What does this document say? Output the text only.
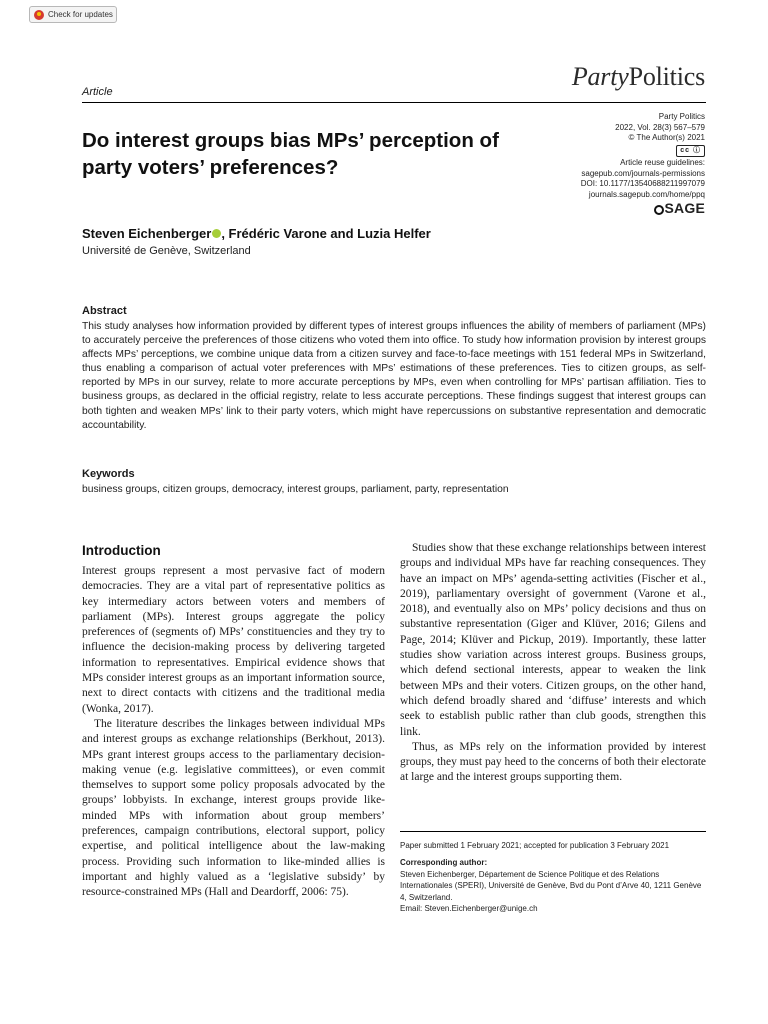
Check for updates
Article
PartyPolitics
Do interest groups bias MPs’ perception of party voters’ preferences?
Party Politics
2022, Vol. 28(3) 567–579
© The Author(s) 2021
cc ⓘ
Article reuse guidelines:
sagepub.com/journals-permissions
DOI: 10.1177/13540688211997079
journals.sagepub.com/home/ppq
SAGE
Steven Eichenberger , Frédéric Varone and Luzia Helfer
Université de Genève, Switzerland
Abstract
This study analyses how information provided by different types of interest groups influences the ability of members of parliament (MPs) to accurately perceive the preferences of those citizens who voted them into office. To study how information provision by interest groups affects MPs’ perceptions, we combine unique data from a citizen survey and face-to-face meetings with 151 federal MPs in Switzerland, thus enabling a comparison of actual voter preferences with MPs’ estimations of these preferences. Ties to citizen groups, as self-reported by MPs in our survey, relate to more accurate perceptions by MPs, even when controlling for MPs’ partisan affiliation. Ties to business groups, as declared in the official registry, relate to less accurate perceptions. These findings suggest that interest groups can both tighten and weaken MPs’ link to their party voters, which might have repercussions on substantive representation and democratic accountability.
Keywords
business groups, citizen groups, democracy, interest groups, parliament, party, representation
Introduction

Interest groups represent a most pervasive fact of modern democracies. They are a vital part of representative politics as key intermediary actors between voters and members of parliament (MPs). Interest groups aggregate the policy preferences of (segments of) MPs’ constituencies and they try to influence the decision-making process by delivering targeted information to representatives. Empirical evidence shows that MPs consider interest groups as an important information source, next to direct contacts with citizens and the traditional media (Wonka, 2017).

The literature describes the linkages between individual MPs and interest groups as exchange relationships (Berkhout, 2013). MPs grant interest groups access to the parliamentary decision-making venue (e.g. legislative committees), or even commit themselves to support some policy proposals advocated by the groups’ lobbyists. In exchange, interest groups provide like-minded MPs with information about group members’ preferences, campaign contributions, electoral support, policy expertise, and political intelligence about the law-making process. Providing such information to like-minded allies is important and highly valued as a ‘legislative subsidy’ by resource-constrained MPs (Hall and Deardorff, 2006: 75).

Studies show that these exchange relationships between interest groups and individual MPs have far reaching consequences. They have an impact on MPs’ agenda-setting activities (Fischer et al., 2019), parliamentary oversight of government (Varone et al., 2018), and eventually also on MPs’ policy decisions and thus on substantive representation (Giger and Klüver, 2016; Gilens and Page, 2014; Klüver and Pickup, 2019). Importantly, these latter studies show variation across interest groups. Business groups, which defend sectional interests, appear to weaken the link between MPs and their voters. Citizen groups, on the other hand, which defend broadly shared and ‘diffuse’ interests and which seek to establish public rather than club goods, strengthen this link.

Thus, as MPs rely on the information provided by interest groups, they must pay heed to the concerns of both their electorate at large and the interest groups supporting them.

Paper submitted 1 February 2021; accepted for publication 3 February 2021
Corresponding author:
Steven Eichenberger, Département de Science Politique et des Relations Internationales (SPERI), Université de Genève, Bvd du Pont d’Arve 40, 1211 Genève 4, Switzerland.
Email: Steven.Eichenberger@unige.ch
